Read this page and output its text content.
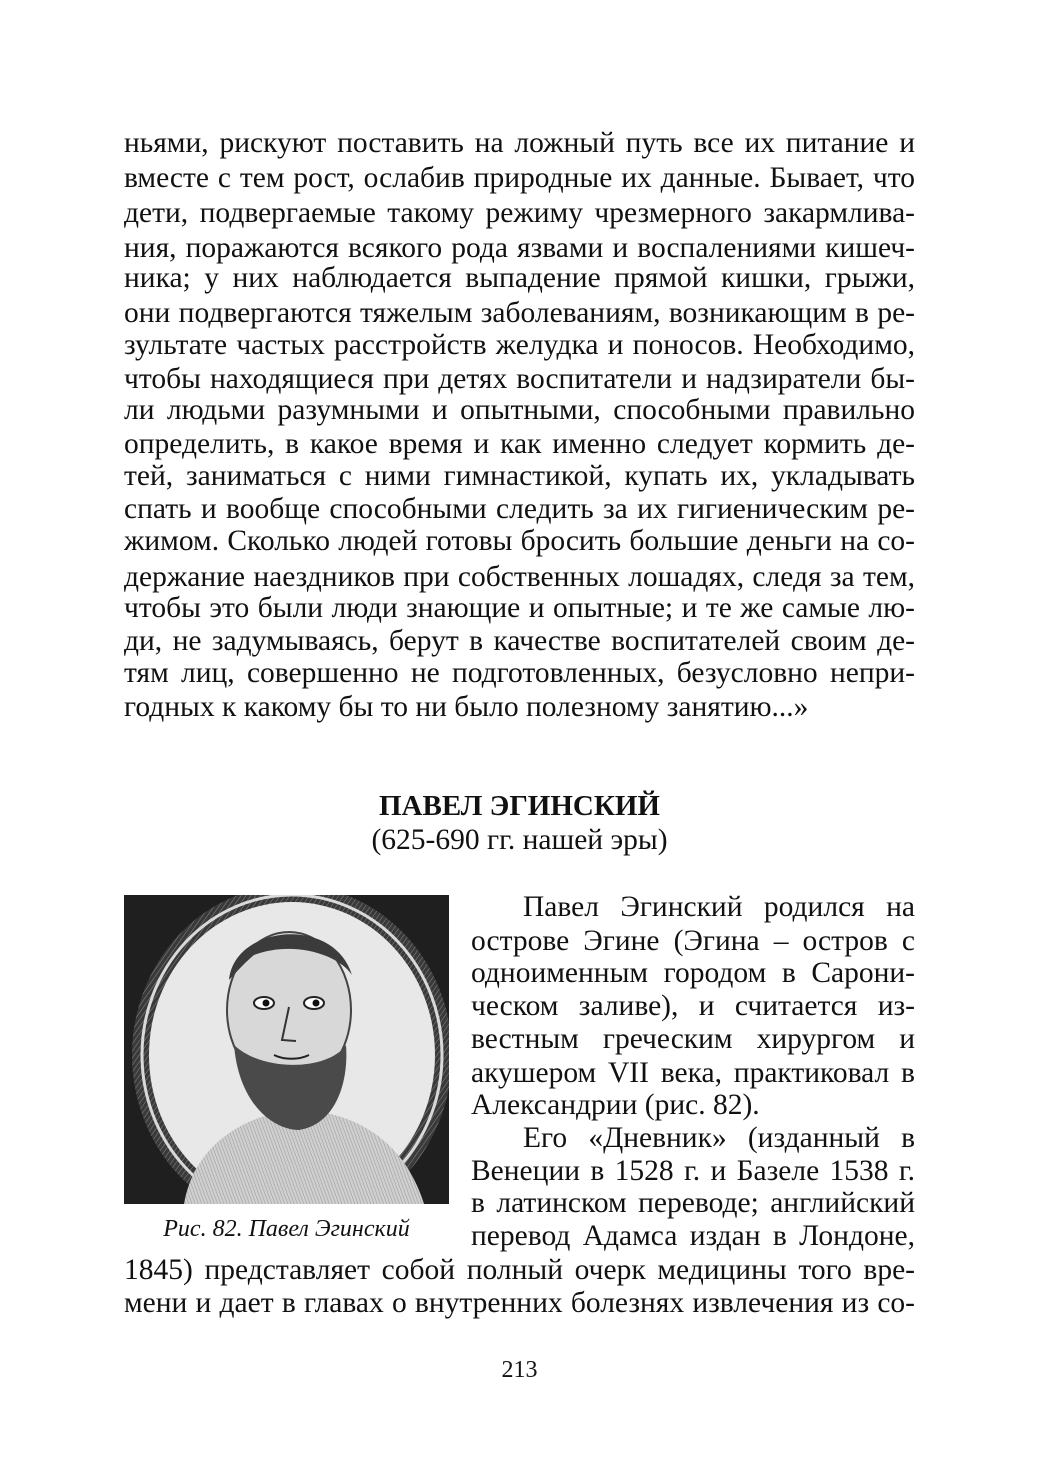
ньями, рискуют поставить на ложный путь все их питание и
вместе с тем рост, ослабив природные их данные. Бывает, что
дети, подвергаемые такому режиму чрезмерного закармлива-
ния, поражаются всякого рода язвами и воспалениями кишеч-
ника; у них наблюдается выпадение прямой кишки, грыжи,
они подвергаются тяжелым заболеваниям, возникающим в ре-
зультате частых расстройств желудка и поносов. Необходимо,
чтобы находящиеся при детях воспитатели и надзиратели бы-
ли людьми разумными и опытными, способными правильно
определить, в какое время и как именно следует кормить де-
тей, заниматься с ними гимнастикой, купать их, укладывать
спать и вообще способными следить за их гигиеническим ре-
жимом. Сколько людей готовы бросить большие деньги на со-
держание наездников при собственных лошадях, следя за тем,
чтобы это были люди знающие и опытные; и те же самые лю-
ди, не задумываясь, берут в качестве воспитателей своим де-
тям лиц, совершенно не подготовленных, безусловно непри-
годных к какому бы то ни было полезному занятию...»
ПАВЕЛ ЭГИНСКИЙ
(625-690 гг. нашей эры)
Рис. 82. Павел Эгинский
Павел Эгинский родился на
острове Эгине (Эгина – остров с
одноименным городом в Сарони-
ческом заливе), и считается из-
вестным греческим хирургом и
акушером VII века, практиковал в
Александрии (рис. 82).
Его «Дневник» (изданный в
Венеции в 1528 г. и Базеле 1538 г.
в латинском переводе; английский
перевод Адамса издан в Лондоне,
1845) представляет собой полный очерк медицины того вре-
мени и дает в главах о внутренних болезнях извлечения из со-
213
